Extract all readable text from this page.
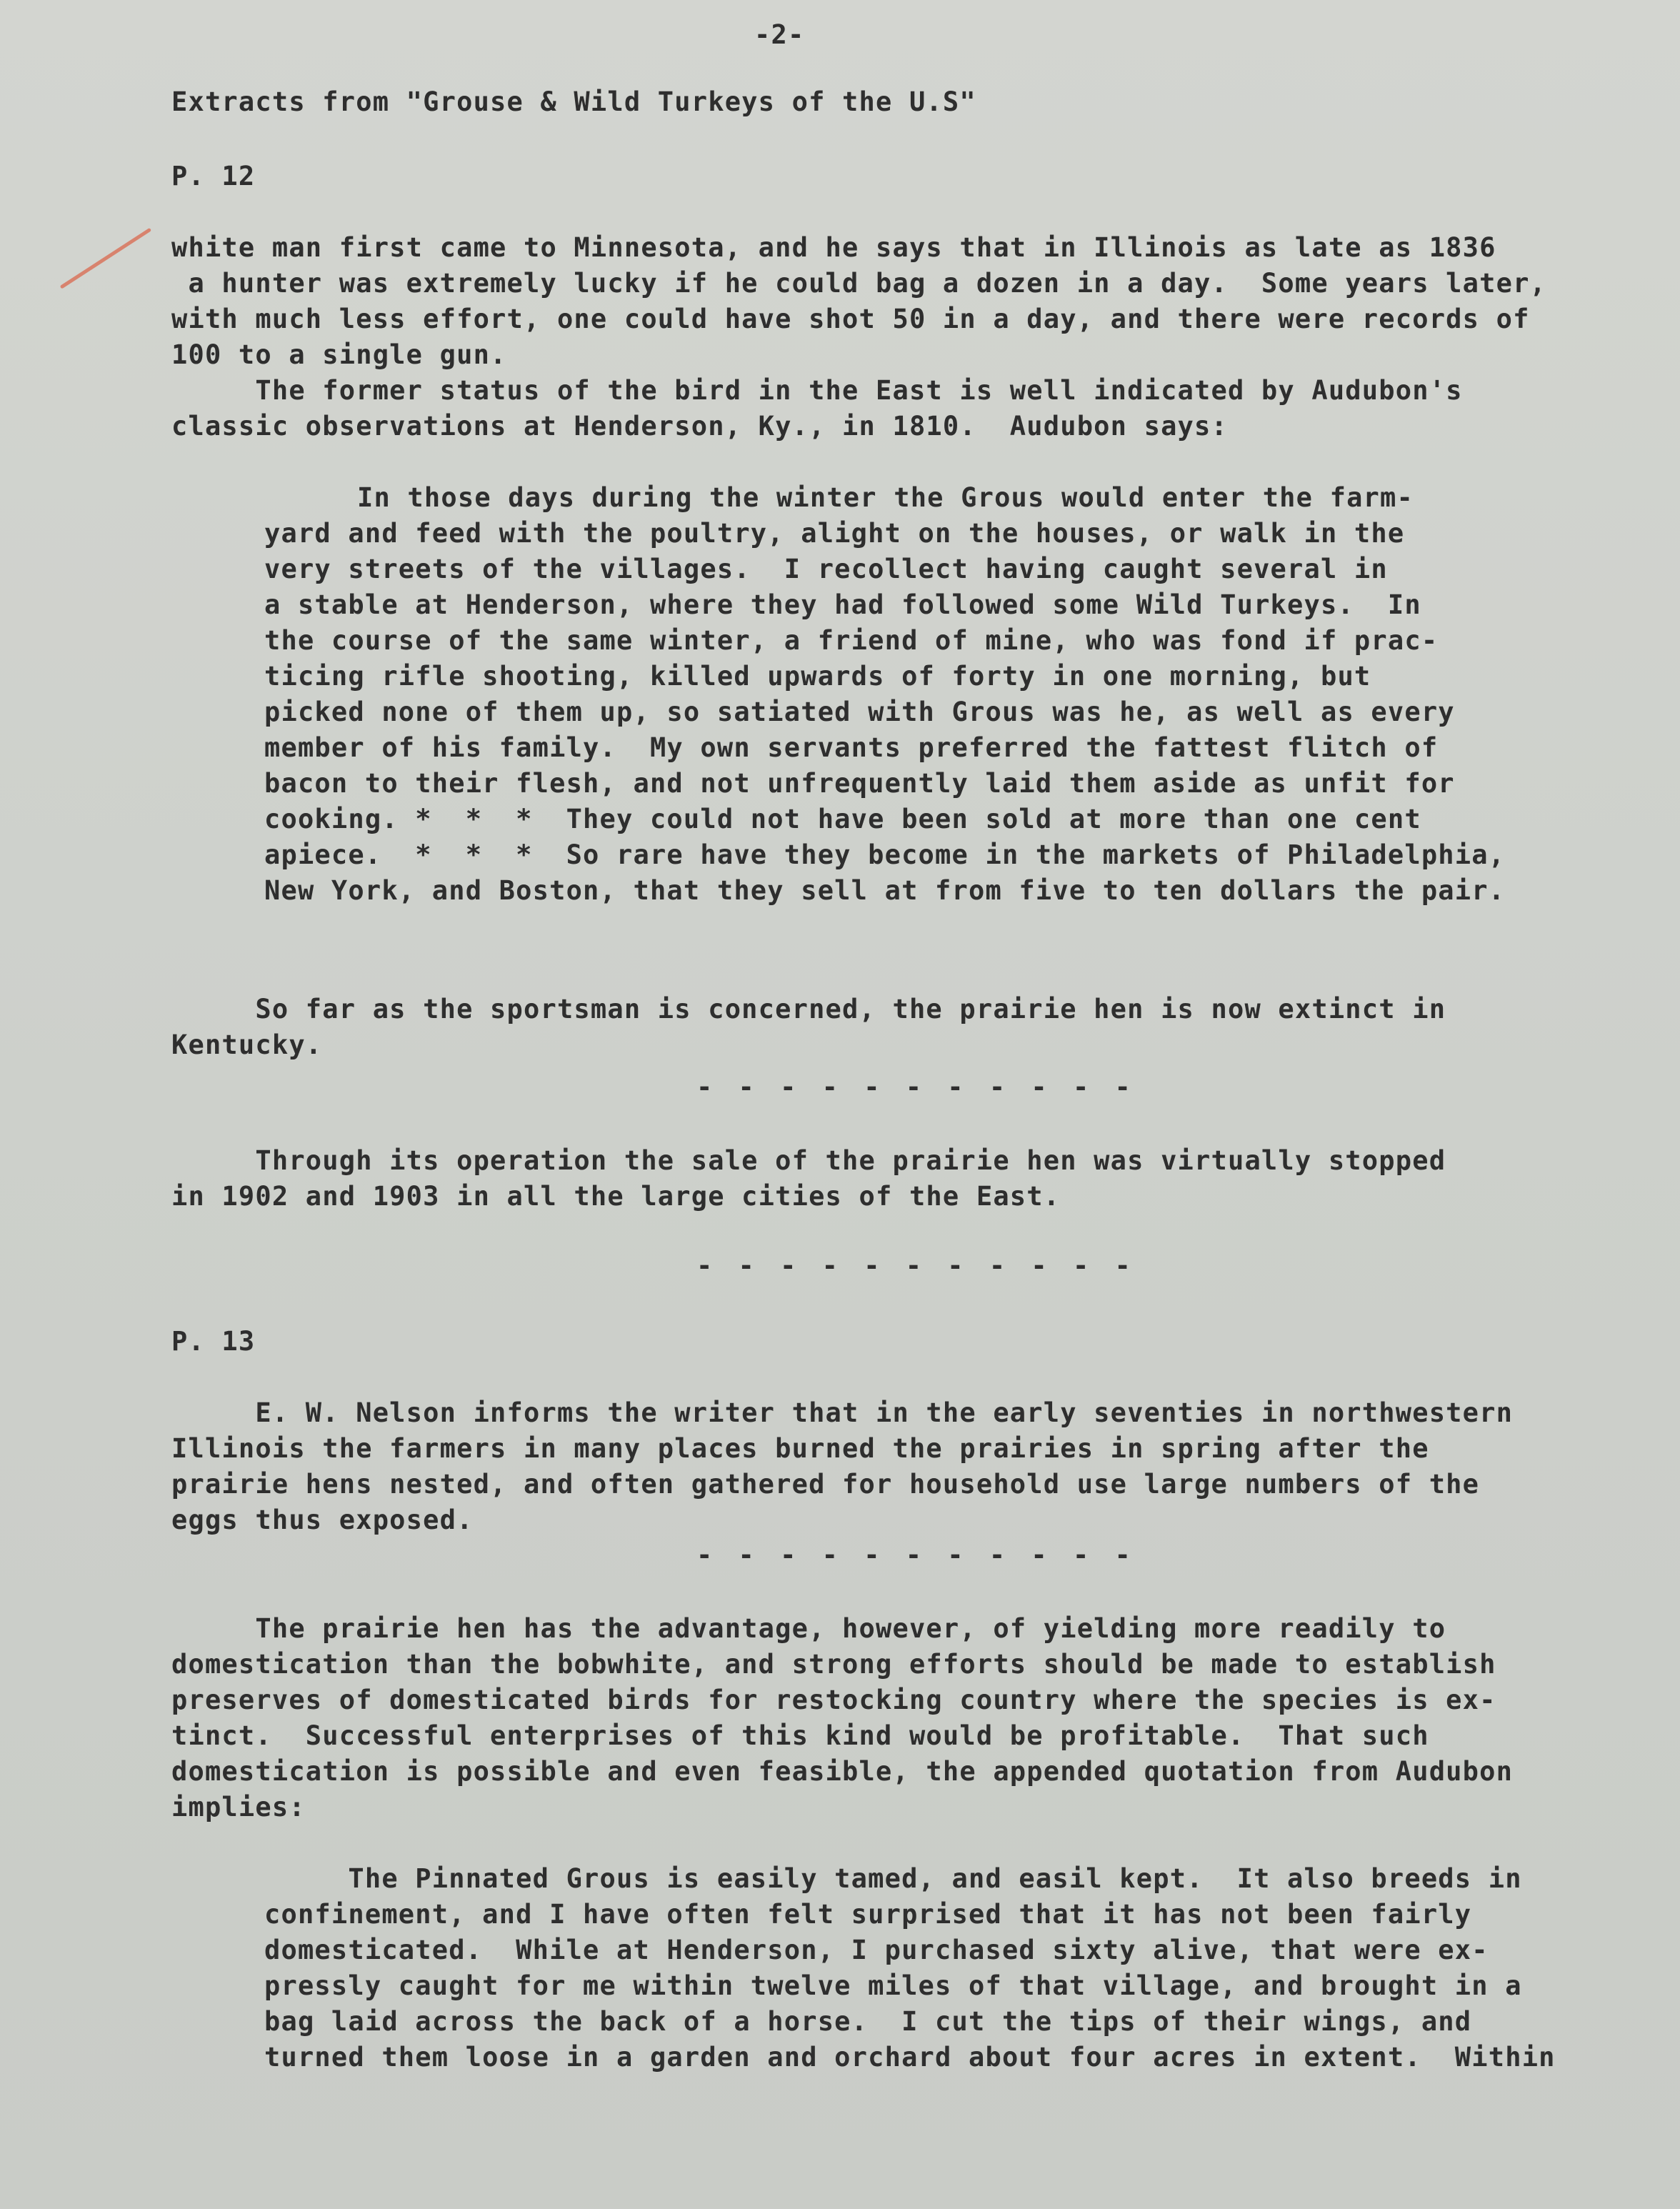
-2-
Extracts from "Grouse & Wild Turkeys of the U.S"
P. 12
white man first came to Minnesota, and he says that in Illinois as late as 1836
a hunter was extremely lucky if he could bag a dozen in a day.  Some years later,
with much less effort, one could have shot 50 in a day, and there were records of
100 to a single gun.
The former status of the bird in the East is well indicated by Audubon's
classic observations at Henderson, Ky., in 1810.  Audubon says:
In those days during the winter the Grous would enter the farm-
yard and feed with the poultry, alight on the houses, or walk in the
very streets of the villages.  I recollect having caught several in
a stable at Henderson, where they had followed some Wild Turkeys.  In
the course of the same winter, a friend of mine, who was fond if prac-
ticing rifle shooting, killed upwards of forty in one morning, but
picked none of them up, so satiated with Grous was he, as well as every
member of his family.  My own servants preferred the fattest flitch of
bacon to their flesh, and not unfrequently laid them aside as unfit for
cooking. *  *  *  They could not have been sold at more than one cent
apiece.  *  *  *  So rare have they become in the markets of Philadelphia,
New York, and Boston, that they sell at from five to ten dollars the pair.
So far as the sportsman is concerned, the prairie hen is now extinct in
Kentucky.
- - - - - - - - - - -
Through its operation the sale of the prairie hen was virtually stopped
in 1902 and 1903 in all the large cities of the East.
- - - - - - - - - - -
P. 13
E. W. Nelson informs the writer that in the early seventies in northwestern
Illinois the farmers in many places burned the prairies in spring after the
prairie hens nested, and often gathered for household use large numbers of the
eggs thus exposed.
- - - - - - - - - - -
The prairie hen has the advantage, however, of yielding more readily to
domestication than the bobwhite, and strong efforts should be made to establish
preserves of domesticated birds for restocking country where the species is ex-
tinct.  Successful enterprises of this kind would be profitable.  That such
domestication is possible and even feasible, the appended quotation from Audubon
implies:
The Pinnated Grous is easily tamed, and easil kept.  It also breeds in
confinement, and I have often felt surprised that it has not been fairly
domesticated.  While at Henderson, I purchased sixty alive, that were ex-
pressly caught for me within twelve miles of that village, and brought in a
bag laid across the back of a horse.  I cut the tips of their wings, and
turned them loose in a garden and orchard about four acres in extent.  Within
